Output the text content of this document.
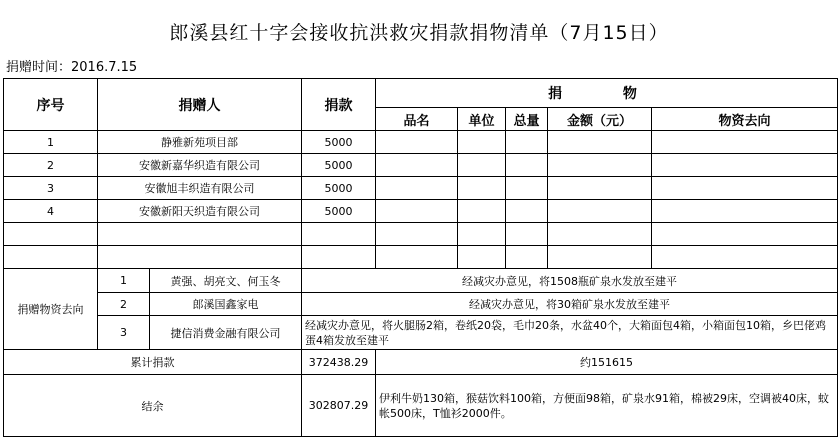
郎溪县红十字会接收抗洪救灾捐款捐物清单（7月15日）
捐赠时间：2016.7.15
序号	捐赠人		捐款	捐 物				
				品名	单位	总量	金额（元）	物资去向
1	静雅新苑项目部		5000					
2	安徽新嘉华织造有限公司		5000					
3	安徽旭丰织造有限公司		5000					
4	安徽新阳天织造有限公司		5000					

捐赠物资去向	1	黄强、胡亮文、何玉冬	经减灾办意见，将1508瓶矿泉水发放至建平					
	2	郎溪国鑫家电	经减灾办意见，将30箱矿泉水发放至建平					
	3	捷信消费金融有限公司	经减灾办意见，将火腿肠2箱，卷纸20袋，毛巾20条，水盆40个，大箱面包4箱，小箱面包10箱，乡巴佬鸡蛋4箱发放至建平					
累计捐款			372438.29	约151615				
结余			302807.29	伊利牛奶130箱，猴菇饮料100箱，方便面98箱，矿泉水91箱，棉被29床，空调被40床，蚊帐500床，T恤衫2000件。				
